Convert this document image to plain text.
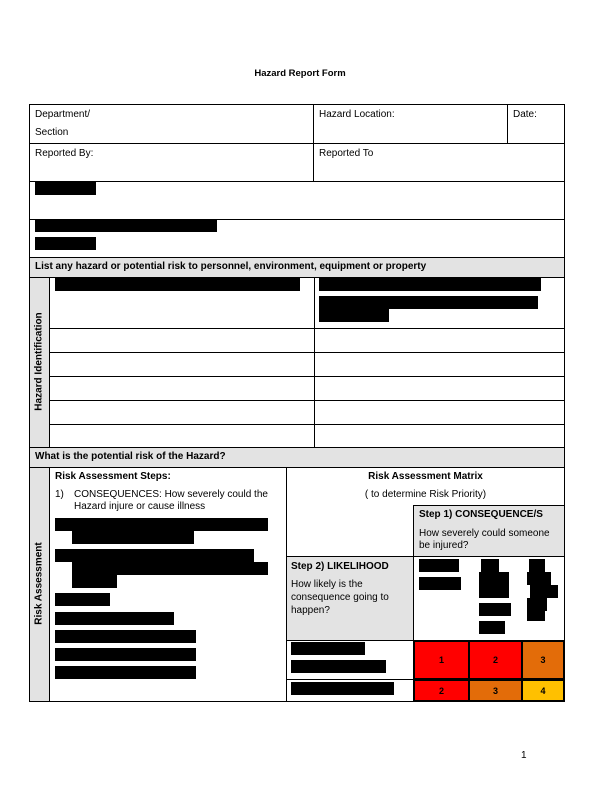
Hazard Report Form
Department/
Section
Hazard Location:	Date:
Reported By:	Reported To
List any hazard or potential risk to personnel, environment, equipment or property
Hazard Identification
What is the potential risk of the Hazard?
Risk Assessment
Risk Assessment Steps:
1) CONSEQUENCES: How severely could the
Hazard injure or cause illness
Risk Assessment Matrix
( to determine Risk Priority)
Step 1) CONSEQUENCE/S
How severely could someone
be injured?
Step 2) LIKELIHOOD
How likely is the
consequence going to
happen?
1	2	3
2	3	4
1
